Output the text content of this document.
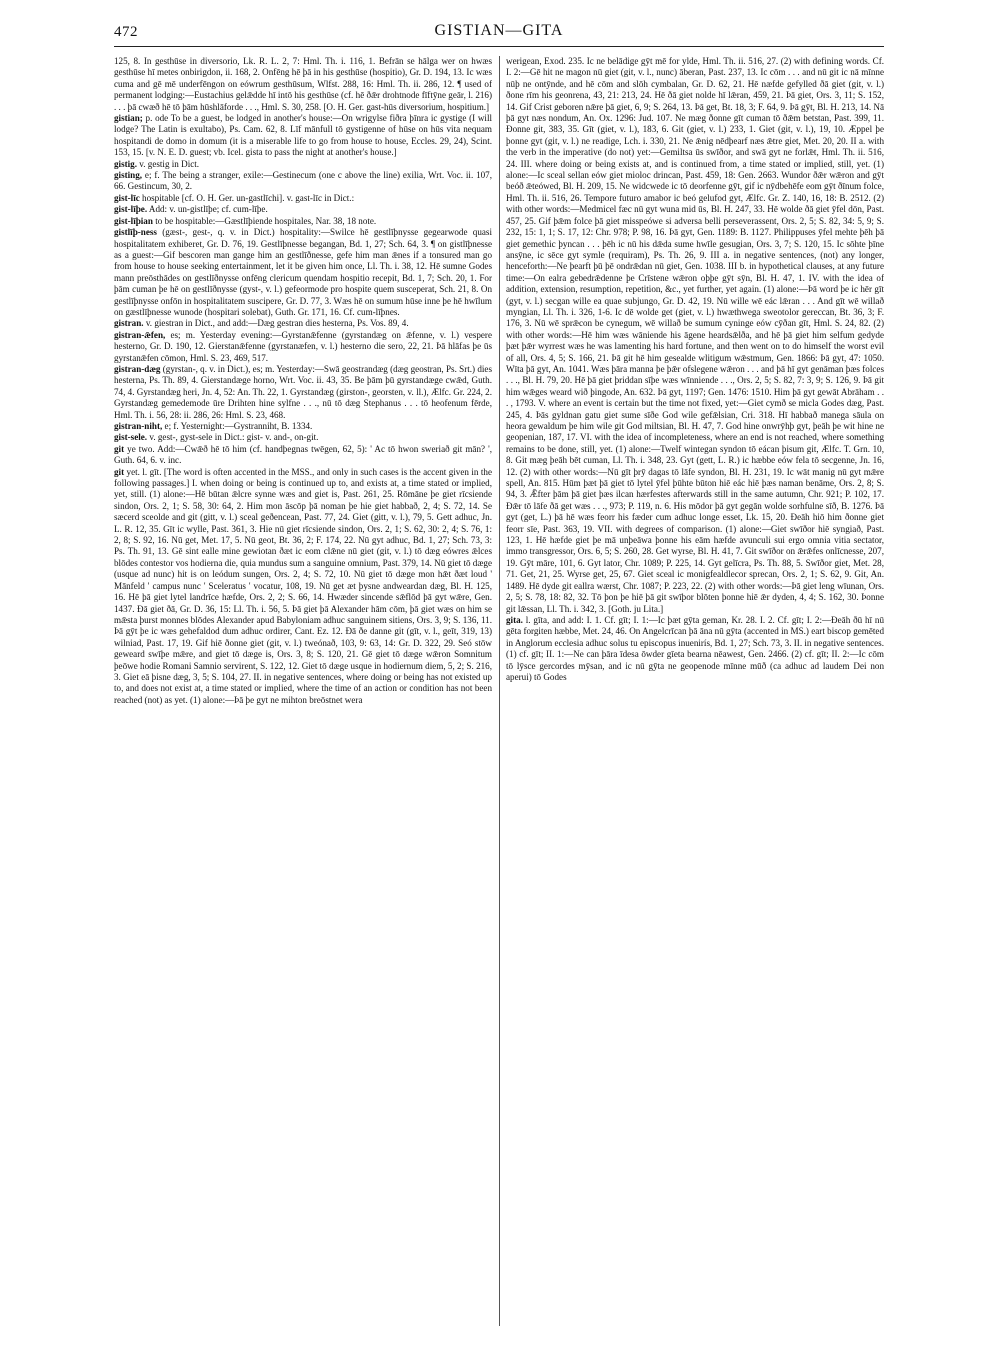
472	GISTIAN—GITA

125, 8. In gesthūse in diversorio, Lk. R. L. 2, 7: Hml. Th. i. 116, 1. Befrān se hālga wer on hwæs gesthūse hī metes onbirigdon, ii. 168, 2. Onfēng hē þā in his gesthūse (hospitio), Gr. D. 194, 13. Ic wæs cuma and gē mē underfēngon on eówrum gesthūsum, Wlfst. 288, 16: Hml. Th. ii. 286, 12. ¶ used of permanent lodging:—Eustachius gelǣdde hī intō his gesthūse (cf. hē ðǣr drohtnode fīftȳne geār, l. 216) . . . þā cwæð hē tō þām hūshlāforde . . ., Hml. S. 30, 258. [O. H. Ger. gast-hūs diversorium, hospitium.]

gistian; p. ode To be a guest, be lodged in another's house:—On wrigylse fiðra þīnra ic gystige (I will lodge? The Latin is exultabo), Ps. Cam. 62, 8. Līf mānfull tō gystigenne of hūse on hūs vita nequam hospitandi de domo in domum (it is a miserable life to go from house to house, Eccles. 29, 24), Scint. 153, 15. [v. N. E. D. guest; vb. Icel. gista to pass the night at another's house.]

gistig. v. gestig in Dict.

gisting, e; f. The being a stranger, exile:—Gestinecum (one c above the line) exilia, Wrt. Voc. ii. 107, 66. Gestincum, 30, 2.

gist-līc hospitable [cf. O. H. Ger. un-gastlīchi]. v. gast-līc in Dict.:

gist-līþe. Add: v. un-gistlīþe; cf. cum-līþe.

gist-līþian to be hospitable:—Gæstlīþiende hospitales, Nar. 38, 18 note.

gistlīþ-ness (gæst-, gest-, q. v. in Dict.) hospitality:—Swilce hē gestlīþnysse gegearwode quasi hospitalitatem exhiberet, Gr. D. 76, 19. Gestlīþnesse begangan, Bd. 1, 27; Sch. 64, 3. ¶ on gistlīþnesse as a guest:—Gif bescoren man gange him an gestlīðnesse, gefe him man ǣnes if a tonsured man go from house to house seeking entertainment, let it be given him once, Ll. Th. i. 38, 12. Hē sumne Godes mann preōsthādes on gestlīðnysse onfēng clericum quendam hospitio recepit, Bd. 1, 7; Sch. 20, 1. For þām cuman þe hē on gestlīðnysse (gyst-, v. l.) gefeormode pro hospite quem susceperat, Sch. 21, 8. On gestlīþnysse onfōn in hospitalitatem suscipere, Gr. D. 77, 3. Wæs hē on sumum hūse inne þe hē hwīlum on gæstlīþnesse wunode (hospitari solebat), Guth. Gr. 171, 16. Cf. cum-līþnes.

gistran. v. giestran in Dict., and add:—Dæg gestran dies hesterna, Ps. Vos. 89, 4.

gistran-ǣfen, es; m. Yesterday evening:—Gyrstanǣfenne (gyrstandæg on ǣfenne, v. l.) vespere hesterno, Gr. D. 190, 12. Gierstanǣfenne (gyrstanæfen, v. l.) hesterno die sero, 22, 21. Þā hlāfas þe ūs gyrstanǣfen cōmon, Hml. S. 23, 469, 517.

gistran-dæg (gyrstan-, q. v. in Dict.), es; m. Yesterday:—Swā geostrandæg (dæg geostran, Ps. Srt.) dies hesterna, Ps. Th. 89, 4. Gierstandæge horno, Wrt. Voc. ii. 43, 35. Be þām þū gyrstandæge cwǣd, Guth. 74, 4. Gyrstandæg heri, Jn. 4, 52: An. Th. 22, 1. Gyrstandæg (girston-, georsten, v. ll.), Ælfc. Gr. 224, 2. Gyrstandæg gemedemode ūre Drihten hine sylfne . . ., nū tō dæg Stephanus . . . tō heofenum fērde, Hml. Th. i. 56, 28: ii. 286, 26: Hml. S. 23, 468.

gistran-niht, e; f. Yesternight:—Gystranniht, B. 1334.

gist-sele. v. gest-, gyst-sele in Dict.: gist- v. and-, on-git.

git ye two. Add:—Cwǣð hē tō him (cf. handþegnas twēgen, 62, 5): ' Ac tō hwon sweriað git mān? ', Guth. 64, 6. v. inc.

git yet. l. gīt. [The word is often accented in the MSS., and only in such cases is the accent given in the following passages.] I. when doing or being is continued up to, and exists at, a time stated or implied, yet, still. (1) alone:—Hē būtan ǣlcre synne wæs and giet is, Past. 261, 25. Rōmāne þe giet rīcsiende sindon, Ors. 2, 1; S. 58, 30: 64, 2. Him mon āscōp þā noman þe hie giet habbað, 2, 4; S. 72, 14. Se sæcerd sceolde and git (gitt, v. l.) sceal geðencean, Past. 77, 24. Giet (gitt, v. l.), 79, 5. Gett adhuc, Jn. L. R. 12, 35. Gīt ic wylle, Past. 361, 3. Hie nū giet rīcsiende sindon, Ors. 2, 1; S. 62, 30: 2, 4; S. 76, 1: 2, 8; S. 92, 16. Nū get, Met. 17, 5. Nū geot, Bt. 36, 2; F. 174, 22. Nū gyt adhuc, Bd. 1, 27; Sch. 73, 3: Ps. Th. 91, 13. Gē sint ealle mine gewiotan ðæt ic eom clǣne nū giet (git, v. l.) tō dæg eówres ǣlces blōdes contestor vos hodierna die, quia mundus sum a sanguine omnium, Past. 379, 14. Nū giet tō dæge (usque ad nunc) hit is on leódum sungen, Ors. 2, 4; S. 72, 10. Nū giet tō dæge mon hǣt ðæt loud ' Mānfeld ' campus nunc ' Sceleratus ' vocatur, 108, 19. Nū get æt þysne andweardan dæg, Bl. H. 125, 16. Hē þā giet lytel landrīce hæfde, Ors. 2, 2; S. 66, 14. Hwæder sincende sǣflōd þā gyt wǣre, Gen. 1437. Ðā giet ðā, Gr. D. 36, 15: Ll. Th. i. 56, 5. Þā giet þā Alexander hām cōm, þā giet wæs on him se mǣsta þurst monnes blōdes Alexander apud Babyloniam adhuc sanguinem sitiens, Ors. 3, 9; S. 136, 11. Þā gȳt þe ic wæs gehefaldod dum adhuc ordirer, Cant. Ez. 12. Ðā ðe danne git (gīt, v. l., geīt, 319, 13) wilniad, Past. 17, 19. Gif hiē ðonne giet (git, v. l.) tweónað, 103, 9: 63, 14: Gr. D. 322, 29. Seó stōw geweard swīþe mǣre, and giet tō dæge is, Ors. 3, 8; S. 120, 21. Gē giet tō dæge wǣron Somnitum þeōwe hodie Romani Samnio servirent, S. 122, 12. Giet tō dæge usque in hodiernum diem, 5, 2; S. 216, 3. Giet eā þisne dæg, 3, 5; S. 104, 27. II. in negative sentences, where doing or being has not existed up to, and does not exist at, a time stated or implied, where the time of an action or condition has not been reached (not) as yet. (1) alone:—Þā þe gyt ne mihton breōstnet wera

werigean, Exod. 235. Ic ne belādige gȳt mē for ylde, Hml. Th. ii. 516, 27. (2) with defining words. Cf. I. 2:—Gē hit ne magon nū giet (git, v. l., nunc) āberan, Past. 237, 13. Ic cōm . . . and nū git ic nā mīnne nūþ ne ontȳnde, and hē cōm and slōh cymbalan, Gr. D. 62, 21. Hē næfde gefylled ðā giet (git, v. l.) ðone rīm his geonrena, 43, 21: 213, 24. Hē ðā giet nolde hī lǣran, 459, 21. Þā giet, Ors. 3, 11; S. 152, 14. Gif Crist geboren nǣre þā giet, 6, 9; S. 264, 13. Þā get, Bt. 18, 3; F. 64, 9. Þā gȳt, Bl. H. 213, 14. Nā þā gyt næs nondum, An. Ox. 1296: Jud. 107. Ne mæg ðonne gīt cuman tō ðǣm betstan, Past. 399, 11. Ðonne git, 383, 35. Gīt (giet, v. l.), 183, 6. Git (giet, v. l.) 233, 1. Giet (git, v. l.), 19, 10. Æppel þe þonne gyt (git, v. l.) ne readige, Lch. i. 330, 21. Ne ǣnig nēdþearf næs ǣtre giet, Met. 20, 20. II a. with the verb in the imperative (do not) yet:—Gemiltsa ūs swīðor, and swā gyt ne forlǣt, Hml. Th. ii. 516, 24. III. where doing or being exists at, and is continued from, a time stated or implied, still, yet. (1) alone:—Ic sceal sellan eów giet mioloc drincan, Past. 459, 18: Gen. 2663. Wundor ðǣr wǣron and gȳt beóð ǣteówed, Bl. H. 209, 15. Ne widcwede ic tō deorfenne gȳt, gif ic nȳdbehēfe eom gȳt ðīnum folce, Hml. Th. ii. 516, 26. Tempore futuro amabor ic beó gelufod gyt, Ælfc. Gr. Z. 140, 16, 18: B. 2512. (2) with other words:—Medmicel fæc nū gyt wuna mid ūs, Bl. H. 247, 33. Hē wolde ðā giet ȳfel dōn, Past. 457, 25. Gif þǣm folce þā giet misspeówe si adversa belli perseverassent, Ors. 2, 5; S. 82, 34: 5, 9; S. 232, 15: 1, 1; S. 17, 12: Chr. 978; P. 98, 16. Þā gyt, Gen. 1189: B. 1127. Philippuses ȳfel mehte þēh þā giet gemethic þyncan . . . þēh ic nū his dǣda sume hwīle gesugian, Ors. 3, 7; S. 120, 15. Ic sōhte þīne ansȳne, ic sēce gyt symle (requiram), Ps. Th. 26, 9. III a. in negative sentences, (not) any longer, henceforth:—Ne þearft þū þē ondrǣdan nū giet, Gen. 1038. III b. in hypothetical clauses, at any future time:—On ealra gebedrǣdenne þe Crīstene wǣron oþþe gȳt sȳn, Bl. H. 47, 1. IV. with the idea of addition, extension, resumption, repetition, &c., yet further, yet again. (1) alone:—Þā word þe ic hēr gīt (gyt, v. l.) secgan wille ea quae subjungo, Gr. D. 42, 19. Nū wille wē eác lǣran . . . And gīt wē willað myngian, Ll. Th. i. 326, 1-6. Ic dē wolde get (giet, v. l.) hwæthwega sweotolor gereccan, Bt. 36, 3; F. 176, 3. Nū wē sprǣcon be cynegum, wē willað be sumum cyninge eów cȳðan gīt, Hml. S. 24, 82. (2) with other words:—Hē him wæs wāniende his āgene heardsǣlða, and hē þā giet him selfum gedyde þæt þǣr wyrrest wæs he was lamenting his hard fortune, and then went on to do himself the worst evil of all, Ors. 4, 5; S. 166, 21. Þā git hē him gesealde wlitigum wǣstmum, Gen. 1866: Þā gyt, 47: 1050. Wīta þā gyt, An. 1041. Wæs þāra manna þe þǣr ofslegene wǣron . . . and þā hī gyt genāman þæs folces . . ., Bl. H. 79, 20. Hē þā giet þriddan sīþe wæs wīnniende . . ., Ors. 2, 5; S. 82, 7: 3, 9; S. 126, 9. Þā git him wǣges weard wið þingode, An. 632. Þā gyt, 1197; Gen. 1476: 1510. Him þā gyt gewāt Abrāham . . . , 1793. V. where an event is certain but the time not fixed, yet:—Giet cymð se micla Godes dæg, Past. 245, 4. Þās gyldnan gatu giet sume sīðe God wile gefǣlsian, Cri. 318. Hī habbað manega sāula on heora gewaldum þe him wile git God miltsian, Bl. H. 47, 7. God hine onwrȳhþ gyt, þeāh þe wit hine ne geopenian, 187, 17. VI. with the idea of incompleteness, where an end is not reached, where something remains to be done, still, yet. (1) alone:—Twelf wintegan syndon tō eácan þisum git, Ælfc. T. Grn. 10, 8. Git mæg þeāh bēt cuman, Ll. Th. i. 348, 23. Gyt (gett, L. R.) ic hæbbe eów fela tō secgenne, Jn. 16, 12. (2) with other words:—Nū gīt þrȳ dagas tō lāfe syndon, Bl. H. 231, 19. Ic wāt manig nū gyt mǣre spell, An. 815. Hūm þæt þā giet tō lytel ȳfel þūhte būton hiē eác hiē þæs naman benāme, Ors. 2, 8; S. 94, 3. Ǣfter þām þā giet þæs ilcan hærfestes afterwards still in the same autumn, Chr. 921; P. 102, 17. Ðǣr tō lāfe ðā get wæs . . ., 973; P. 119, n. 6. His mōdor þā gyt gegān wolde sorhfulne sīð, B. 1276. Þā gyt (get, L.) þā hē wæs feorr his fæder cum adhuc longe esset, Lk. 15, 20. Ðeāh hiō him ðonne giet feorr sīe, Past. 363, 19. VII. with degrees of comparison. (1) alone:—Giet swīðor hiē syngiað, Past. 123, 1. Hē hæfde giet þe mā unþeāwa þonne his eām hæfde avunculi sui ergo omnia vitia sectator, immo transgressor, Ors. 6, 5; S. 260, 28. Get wyrse, Bl. H. 41, 7. Git swīðor on ǣrǣfes onlīcnesse, 207, 19. Gȳt māre, 101, 6. Gyt lator, Chr. 1089; P. 225, 14. Gyt gelīcra, Ps. Th. 88, 5. Swīðor giet, Met. 28, 71. Get, 21, 25. Wyrse get, 25, 67. Giet sceal ic monigfealdlecor sprecan, Ors. 2, 1; S. 62, 9. Git, An. 1489. Hē dyde git eallra wærst, Chr. 1087; P. 223, 22. (2) with other words:—Þā giet leng wīunan, Ors. 2, 5; S. 78, 18: 82, 32. Tō þon þe hiē þā git swīþor blōten þonne hiē ǣr dyden, 4, 4; S. 162, 30. Þonne git lǣssan, Ll. Th. i. 342, 3. [Goth. ju Lita.]

gita. l. gīta, and add: I. 1. Cf. gīt; I. 1:—Ic þæt gȳta geman, Kr. 28. I. 2. Cf. gīt; I. 2:—Ðeāh ðū hī nū gēta forgiten hæbbe, Met. 24, 46. On Angelcrīcan þā āna nū gȳta (accented in MS.) eart biscop gemēted in Anglorum ecclesia adhuc solus tu episcopus inuenirís, Bd. 1, 27; Sch. 73, 3. II. in negative sentences. (1) cf. gīt; II. 1:—Ne can þāra īdesa ōwder gīeta bearna nēawest, Gen. 2466. (2) cf. gīt; II. 2:—Ic cōm tō lȳsce gercordes mȳsan, and ic nū gȳta ne geopenode mīnne mūð (ca adhuc ad laudem Dei non aperui) tō Godes
